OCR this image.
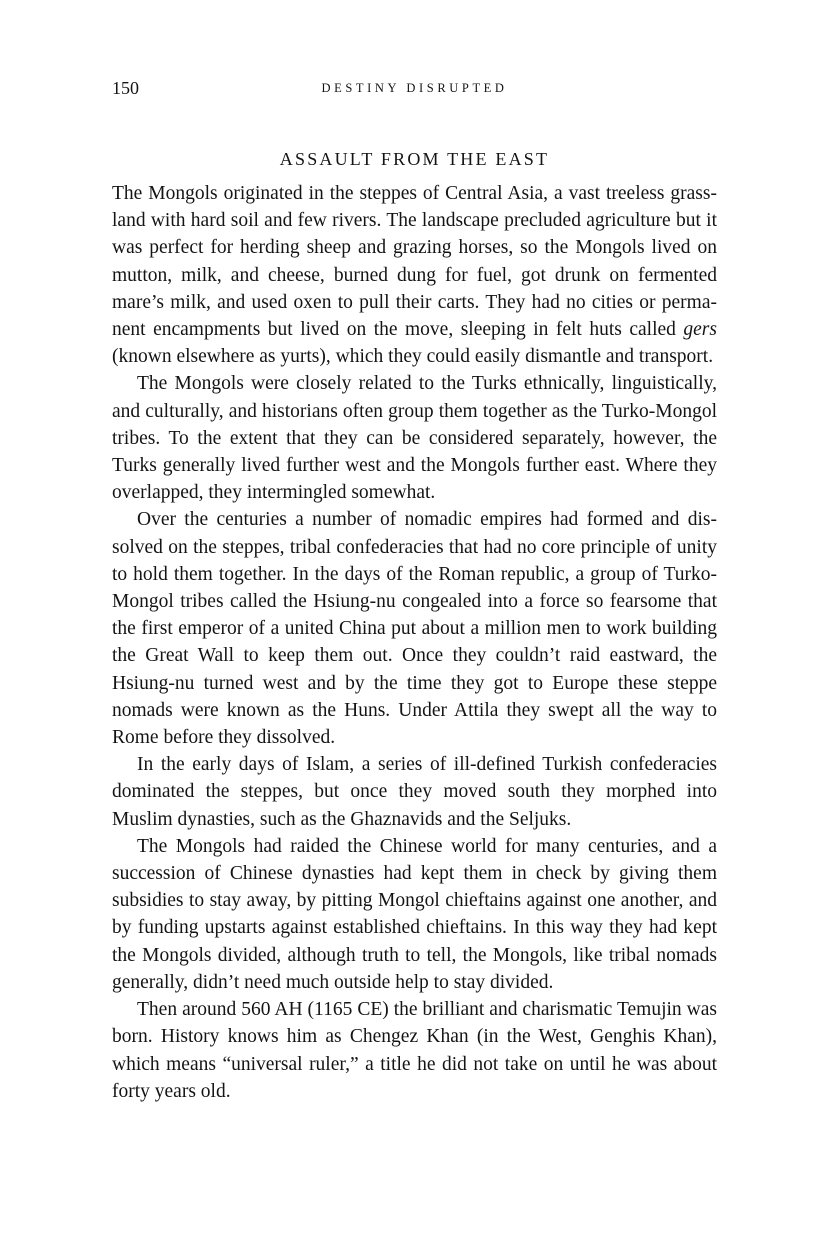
150	DESTINY DISRUPTED
ASSAULT FROM THE EAST

The Mongols originated in the steppes of Central Asia, a vast treeless grassland with hard soil and few rivers. The landscape precluded agriculture but it was perfect for herding sheep and grazing horses, so the Mongols lived on mutton, milk, and cheese, burned dung for fuel, got drunk on fermented mare’s milk, and used oxen to pull their carts. They had no cities or permanent encampments but lived on the move, sleeping in felt huts called gers (known elsewhere as yurts), which they could easily dismantle and transport.

The Mongols were closely related to the Turks ethnically, linguistically, and culturally, and historians often group them together as the Turko-Mongol tribes. To the extent that they can be considered separately, however, the Turks generally lived further west and the Mongols further east. Where they overlapped, they intermingled somewhat.

Over the centuries a number of nomadic empires had formed and dissolved on the steppes, tribal confederacies that had no core principle of unity to hold them together. In the days of the Roman republic, a group of Turko-Mongol tribes called the Hsiung-nu congealed into a force so fearsome that the first emperor of a united China put about a million men to work building the Great Wall to keep them out. Once they couldn’t raid eastward, the Hsiung-nu turned west and by the time they got to Europe these steppe nomads were known as the Huns. Under Attila they swept all the way to Rome before they dissolved.

In the early days of Islam, a series of ill-defined Turkish confederacies dominated the steppes, but once they moved south they morphed into Muslim dynasties, such as the Ghaznavids and the Seljuks.

The Mongols had raided the Chinese world for many centuries, and a succession of Chinese dynasties had kept them in check by giving them subsidies to stay away, by pitting Mongol chieftains against one another, and by funding upstarts against established chieftains. In this way they had kept the Mongols divided, although truth to tell, the Mongols, like tribal nomads generally, didn’t need much outside help to stay divided.

Then around 560 AH (1165 CE) the brilliant and charismatic Temujin was born. History knows him as Chengez Khan (in the West, Genghis Khan), which means “universal ruler,” a title he did not take on until he was about forty years old.
